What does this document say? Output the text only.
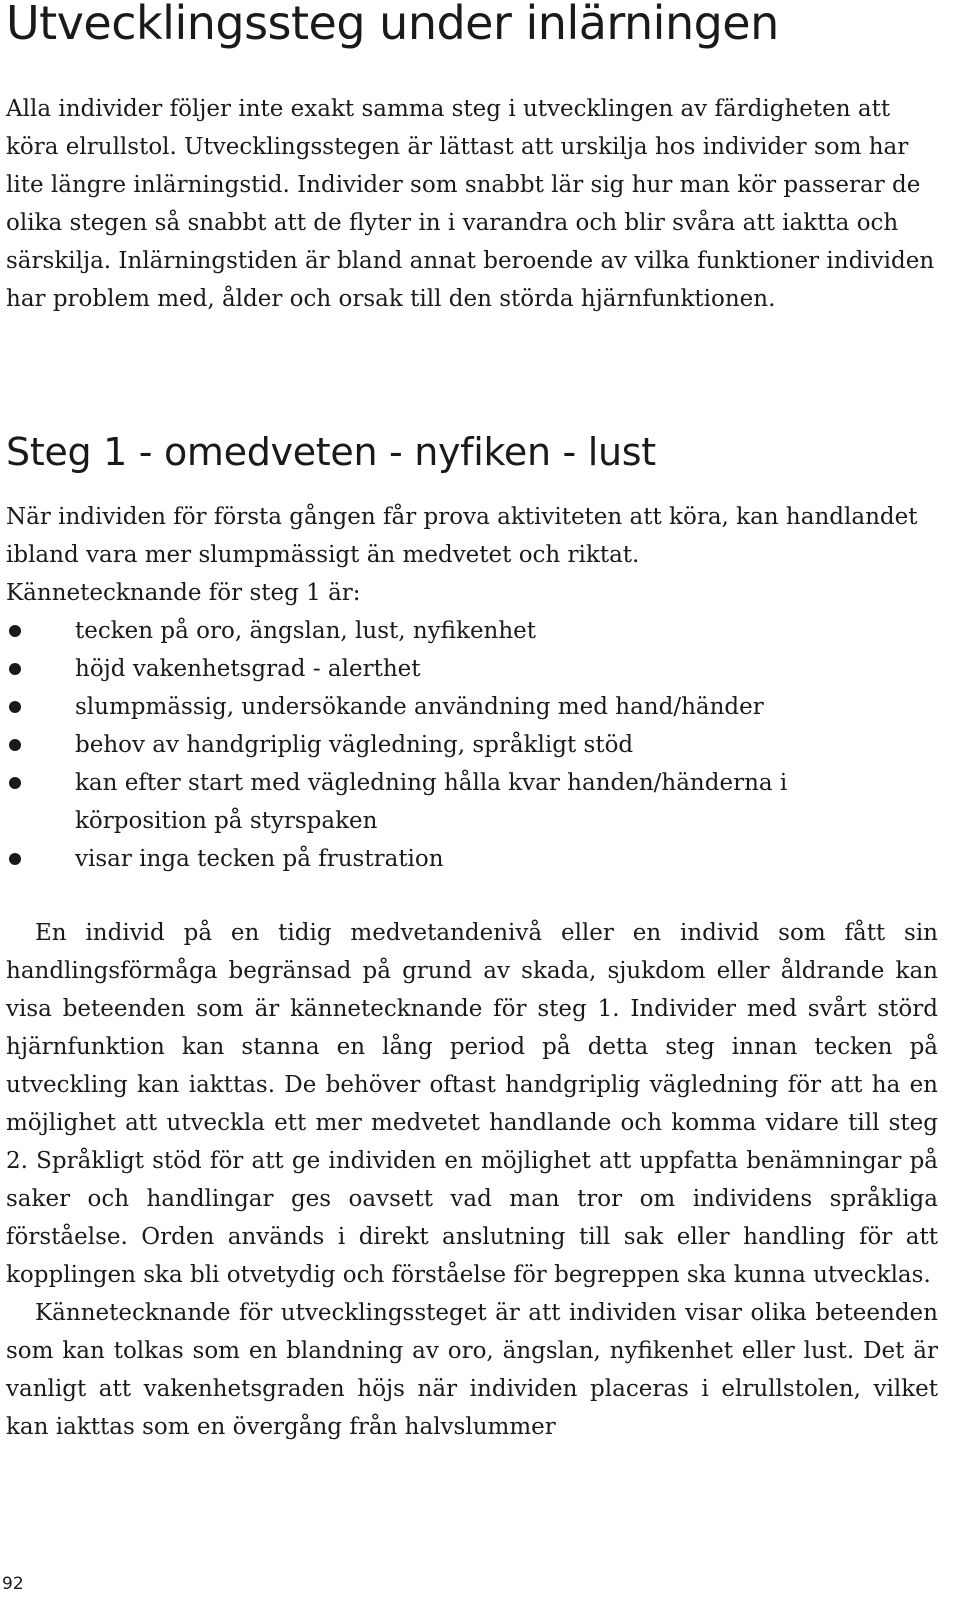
Utvecklingssteg under inlärningen

Alla individer följer inte exakt samma steg i utvecklingen av färdigheten att köra elrullstol. Utvecklingsstegen är lättast att urskilja hos individer som har lite längre inlärningstid. Individer som snabbt lär sig hur man kör passerar de olika stegen så snabbt att de flyter in i varandra och blir svåra att iaktta och särskilja. Inlärningstiden är bland annat beroende av vilka funktioner individen har problem med, ålder och orsak till den störda hjärnfunktionen.

Steg 1 - omedveten - nyfiken - lust

När individen för första gången får prova aktiviteten att köra, kan handlandet ibland vara mer slumpmässigt än medvetet och riktat.

Kännetecknande för steg 1 är:

tecken på oro, ängslan, lust, nyfikenhet
höjd vakenhetsgrad - alerthet
slumpmässig, undersökande användning med hand/händer
behov av handgriplig vägledning, språkligt stöd
kan efter start med vägledning hålla kvar handen/händerna i körposition på styrspaken
visar inga tecken på frustration

En individ på en tidig medvetandenivå eller en individ som fått sin handlingsförmåga begränsad på grund av skada, sjukdom eller åldrande kan visa beteenden som är kännetecknande för steg 1. Individer med svårt störd hjärnfunktion kan stanna en lång period på detta steg innan tecken på utveckling kan iakttas. De behöver oftast handgriplig vägledning för att ha en möjlighet att utveckla ett mer medvetet handlande och komma vidare till steg 2. Språkligt stöd för att ge individen en möjlighet att uppfatta benämningar på saker och handlingar ges oavsett vad man tror om individens språkliga förståelse. Orden används i direkt anslutning till sak eller handling för att kopplingen ska bli otvetydig och förståelse för begreppen ska kunna utvecklas.

Kännetecknande för utvecklingssteget är att individen visar olika beteenden som kan tolkas som en blandning av oro, ängslan, nyfikenhet eller lust. Det är vanligt att vakenhetsgraden höjs när individen placeras i elrullstolen, vilket kan iakttas som en övergång från halvslummer

92
